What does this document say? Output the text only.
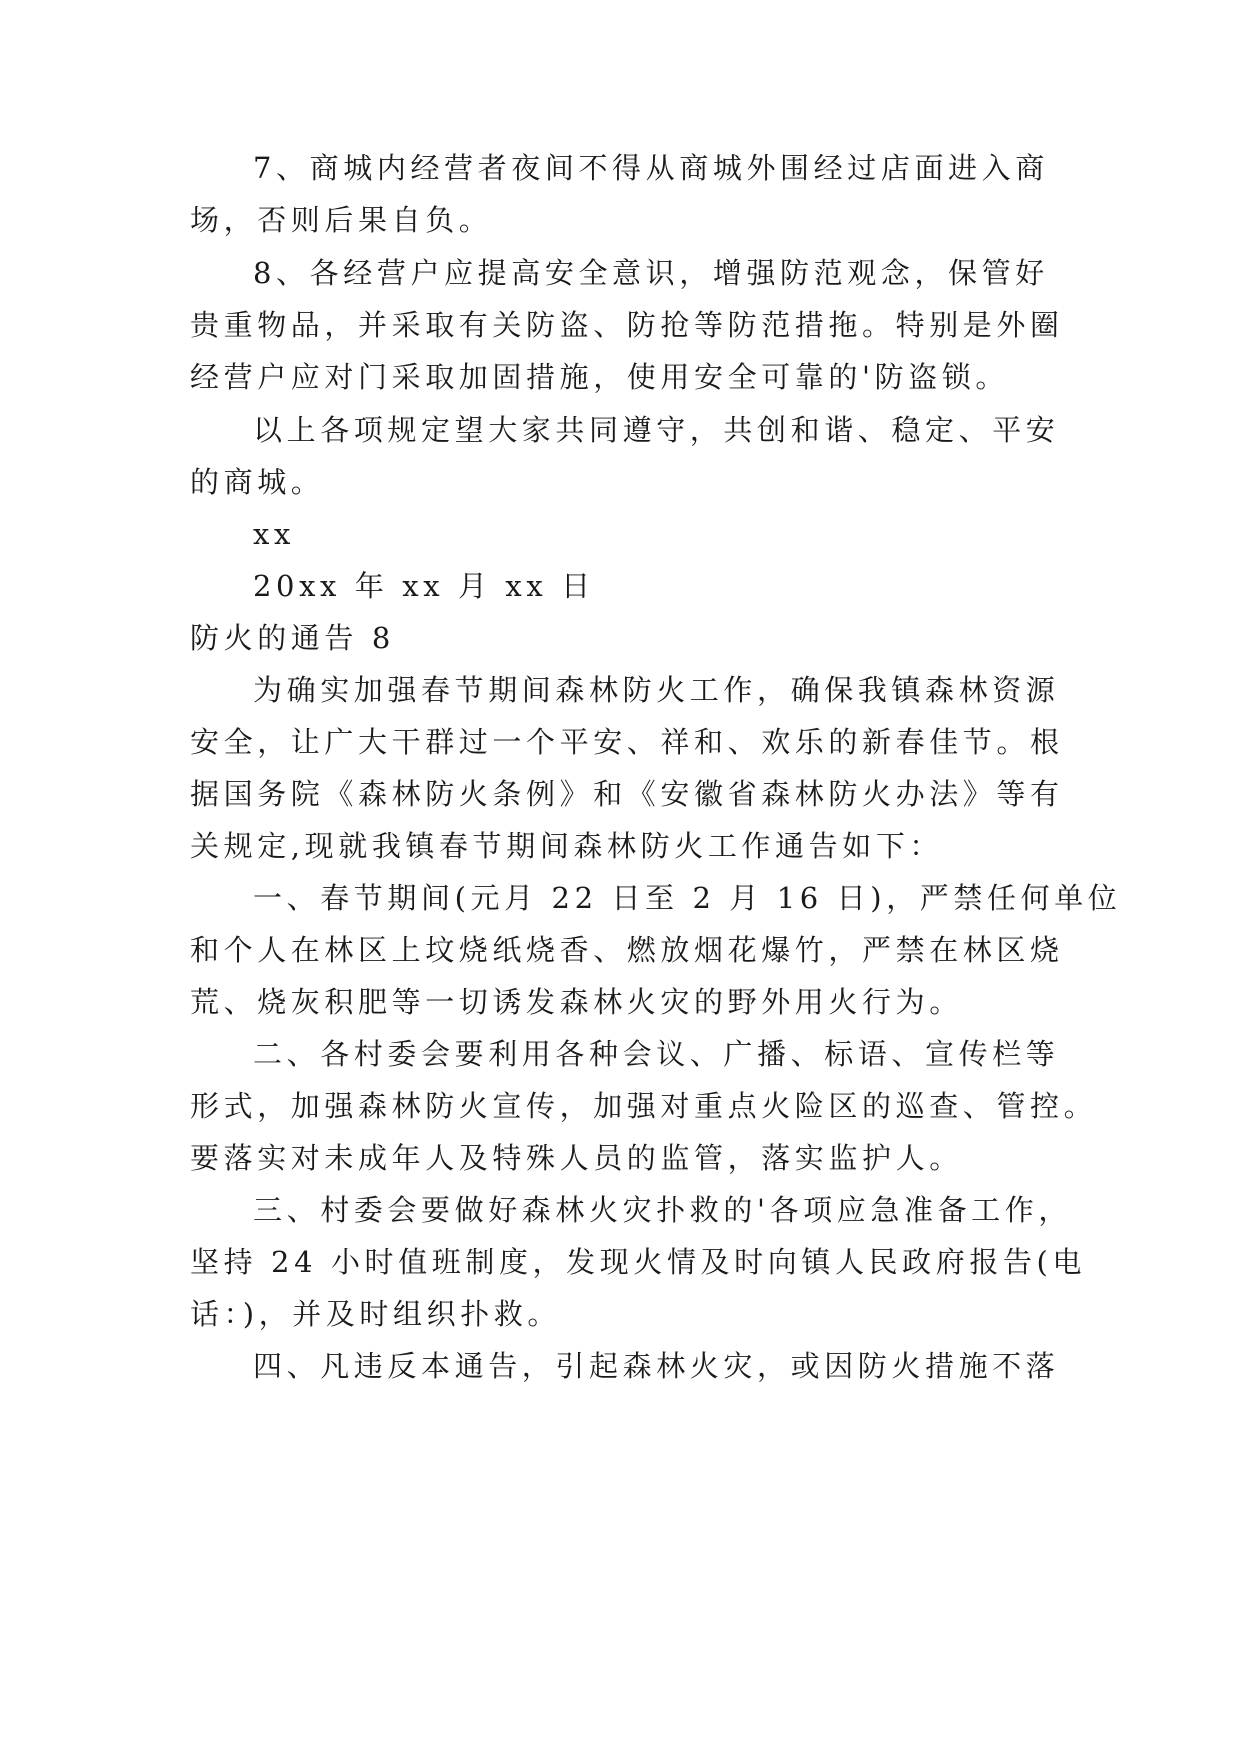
7、商城内经营者夜间不得从商城外围经过店面进入商
场，否则后果自负。
8、各经营户应提高安全意识，增强防范观念，保管好
贵重物品，并采取有关防盗、防抢等防范措拖。特别是外圈
经营户应对门采取加固措施，使用安全可靠的'防盗锁。
以上各项规定望大家共同遵守，共创和谐、稳定、平安
的商城。
xx
20xx 年 xx 月 xx 日
防火的通告 8
为确实加强春节期间森林防火工作，确保我镇森林资源
安全，让广大干群过一个平安、祥和、欢乐的新春佳节。根
据国务院《森林防火条例》和《安徽省森林防火办法》等有
关规定,现就我镇春节期间森林防火工作通告如下：
一、春节期间(元月 22 日至 2 月 16 日)，严禁任何单位
和个人在林区上坟烧纸烧香、燃放烟花爆竹，严禁在林区烧
荒、烧灰积肥等一切诱发森林火灾的野外用火行为。
二、各村委会要利用各种会议、广播、标语、宣传栏等
形式，加强森林防火宣传，加强对重点火险区的巡查、管控。
要落实对未成年人及特殊人员的监管，落实监护人。
三、村委会要做好森林火灾扑救的'各项应急准备工作，
坚持 24 小时值班制度，发现火情及时向镇人民政府报告(电
话：)，并及时组织扑救。
四、凡违反本通告，引起森林火灾，或因防火措施不落
